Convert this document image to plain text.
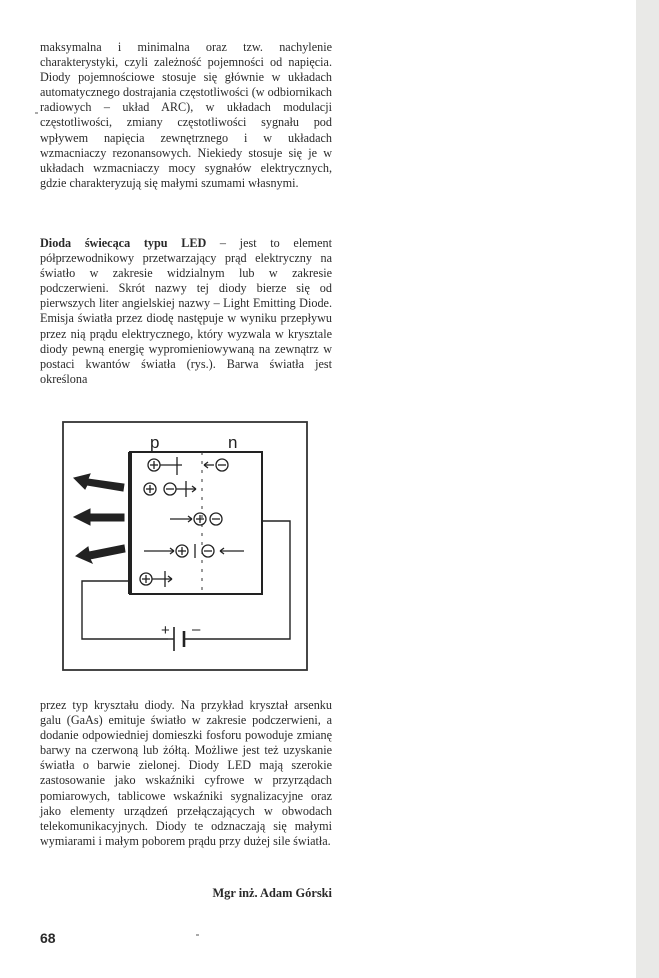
maksymalna i minimalna oraz tzw. nachylenie charakterystyki, czyli zależność pojemności od napięcia. Diody pojemnościowe stosuje się głównie w układach automatycznego dostrajania częstotliwości (w odbiornikach radiowych – układ ARC), w układach modulacji częstotliwości, zmiany częstotliwości sygnału pod wpływem napięcia zewnętrznego i w układach wzmacniaczy rezonansowych. Niekiedy stosuje się je w układach wzmacniaczy mocy sygnałów elektrycznych, gdzie charakteryzują się małymi szumami własnymi.
Dioda świecąca typu LED – jest to element półprzewodnikowy przetwarzający prąd elektryczny na światło w zakresie widzialnym lub w zakresie podczerwieni. Skrót nazwy tej diody bierze się od pierwszych liter angielskiej nazwy – Light Emitting Diode. Emisja światła przez diodę następuje w wyniku przepływu przez nią prądu elektrycznego, który wyzwala w krysztale diody pewną energię wypromieniowywaną na zewnątrz w postaci kwantów światła (rys.). Barwa światła jest określona
p	n
+ –
przez typ kryształu diody. Na przykład kryształ arsenku galu (GaAs) emituje światło w zakresie podczerwieni, a dodanie odpowiedniej domieszki fosforu powoduje zmianę barwy na czerwoną lub żółtą. Możliwe jest też uzyskanie światła o barwie zielonej. Diody LED mają szerokie zastosowanie jako wskaźniki cyfrowe w przyrządach pomiarowych, tablicowe wskaźniki sygnalizacyjne oraz jako elementy urządzeń przełączających w obwodach telekomunikacyjnych. Diody te odznaczają się małymi wymiarami i małym poborem prądu przy dużej sile światła.
Mgr inż. Adam Górski
68
